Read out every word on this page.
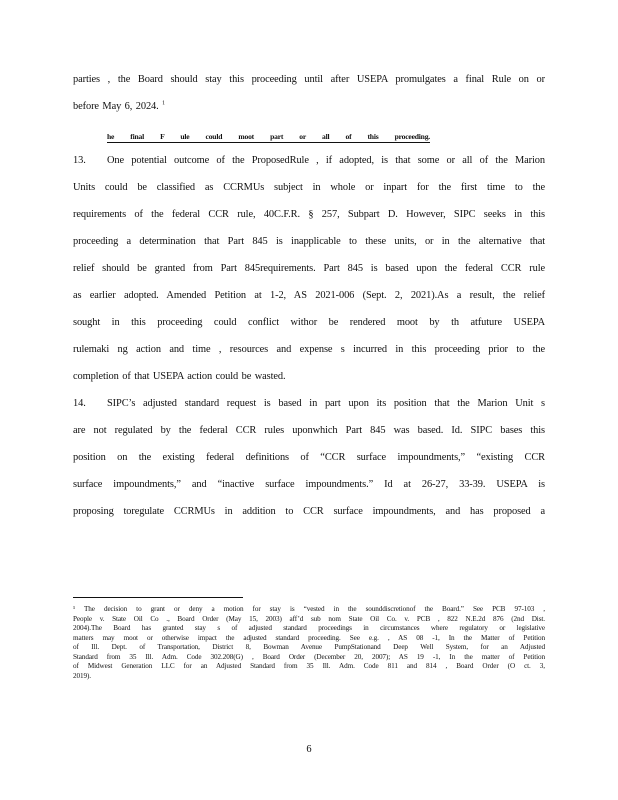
parties , the Board should stay this proceeding until after USEPA promulgates a final Rule on or
before May 6, 2024. $^1$
he final F ule could moot part or all of this proceeding.
13. One potential outcome of the ProposedRule , if adopted, is that some or all of the Marion
Units could be classified as CCRMUs subject in whole or inpart for the first time to the
requirements of the federal CCR rule, 40C.F.R. § 257, Subpart D. However, SIPC seeks in this
proceeding a determination that Part 845 is inapplicable to these units, or in the alternative that
relief should be granted from Part 845requirements. Part 845 is based upon the federal CCR rule
as earlier adopted. Amended Petition at 1-2, AS 2021-006 (Sept. 2, 2021).As a result, the relief
sought in this proceeding could conflict withor be rendered moot by th atfuture USEPA
rulemaki ng action and time , resources and expense s incurred in this proceeding prior to the
completion of that USEPA action could be wasted.
14. SIPC’s adjusted standard request is based in part upon its position that the Marion Unit s
are not regulated by the federal CCR rules uponwhich Part 845 was based. Id. SIPC bases this
position on the existing federal definitions of “CCR surface impoundments,” “existing CCR
surface impoundments,” and “inactive surface impoundments.” Id at 26-27, 33-39. USEPA is
proposing toregulate CCRMUs in addition to CCR surface impoundments, and has proposed a
¹ The decision to grant or deny a motion for stay is “vested in the sounddiscretionof the Board.” See PCB 97-103 ,
People v. State Oil Co ., Board Order (May 15, 2003) aff’d sub nom State Oil Co. v. PCB , 822 N.E.2d 876 (2nd Dist.
2004).The Board has granted stay s of adjusted standard proceedings in circumstances where regulatory or legislative
matters may moot or otherwise impact the adjusted standard proceeding. See e.g. , AS 08 -1, In the Matter of Petition
of Ill. Dept. of Transportation, District 8, Bowman Avenue PumpStationand Deep Well System, for an Adjusted
Standard from 35 Ill. Adm. Code 302.208(G) , Board Order (December 20, 2007); AS 19 -1, In the matter of Petition
of Midwest Generation LLC for an Adjusted Standard from 35 Ill. Adm. Code 811 and 814 , Board Order (O ct. 3,
2019).
6
